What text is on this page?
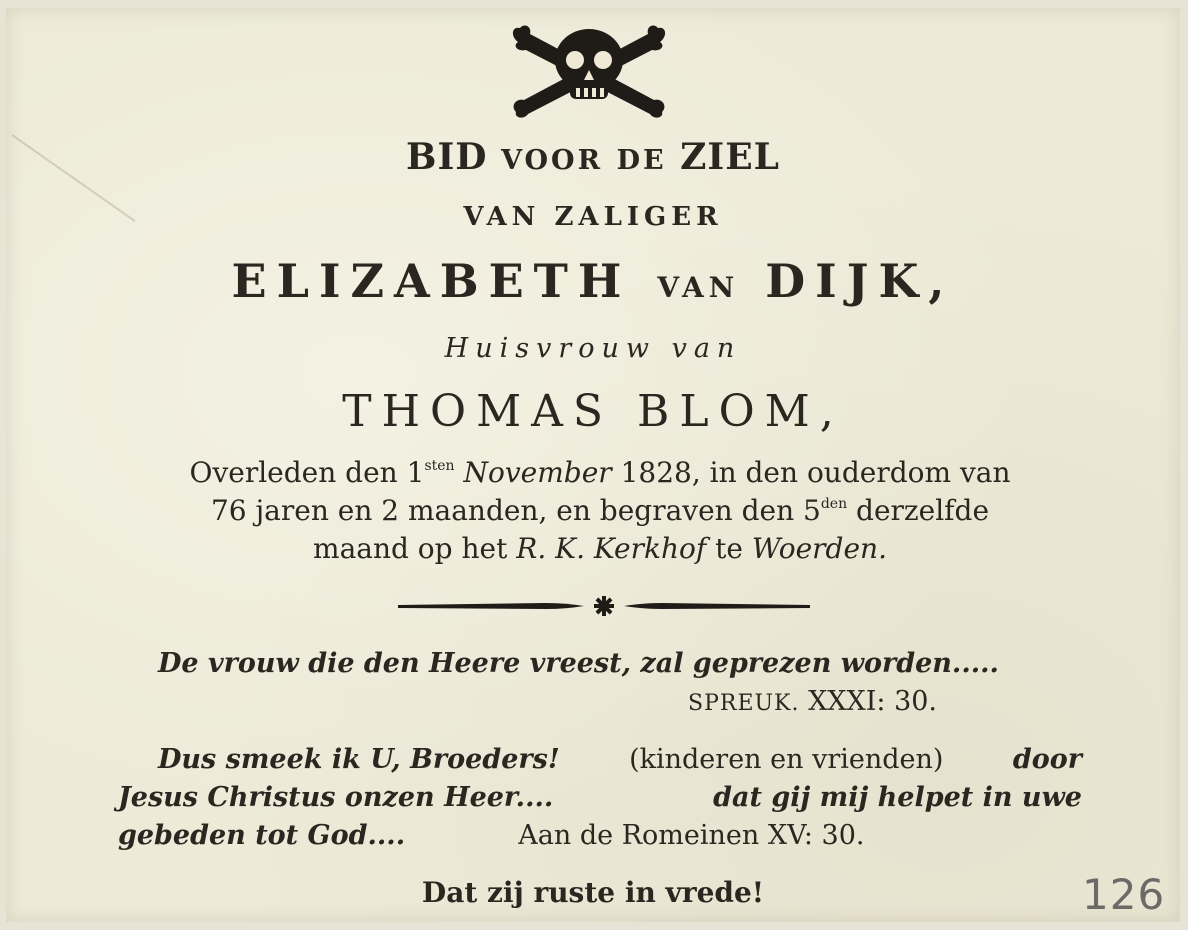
BID VOOR DE ZIEL
VAN ZALIGER
ELIZABETH VAN DIJK,
Huisvrouw van
THOMAS BLOM,
Overleden den $1^{sten}$ November 1828, in den ouderdom van
76 jaren en 2 maanden, en begraven den $5^{den}$ derzelfde
maand op het R. K. Kerkhof te Woerden.
De vrouw die den Heere vreest, zal geprezen worden.....
SPREUK. XXXI: 30.
Dus smeek ik U, Broeders!	(kinderen en vrienden)	door
Jesus Christus onzen Heer....	dat gij mij helpet in uwe
gebeden tot God....	Aan de Romeinen XV: 30.
Dat zij ruste in vrede!	126
